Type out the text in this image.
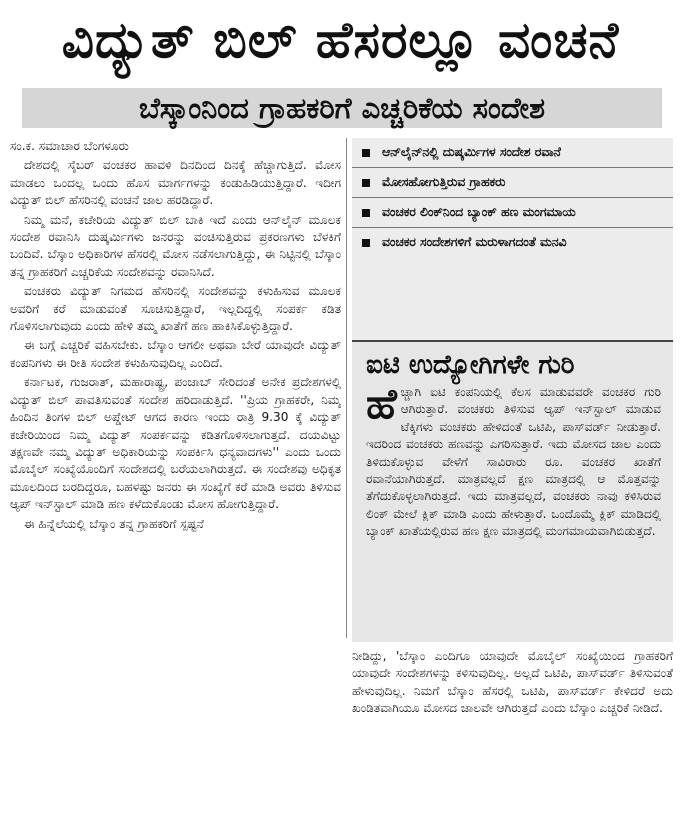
ವಿದ್ಯುತ್ ಬಿಲ್ ಹೆಸರಲ್ಲೂ ವಂಚನೆ
ಬೆಸ್ಕಾಂನಿಂದ ಗ್ರಾಹಕರಿಗೆ ಎಚ್ಚರಿಕೆಯ ಸಂದೇಶ

ಸಂ.ಕ. ಸಮಾಚಾರ ಬೆಂಗಳೂರು

ದೇಶದಲ್ಲಿ ಸೈಬರ್ ವಂಚಕರ ಹಾವಳಿ ದಿನದಿಂದ ದಿನಕ್ಕೆ ಹೆಚ್ಚಾಗುತ್ತಿದೆ. ಮೋಸ ಮಾಡಲು ಒಂದಲ್ಲ ಒಂದು ಹೊಸ ಮಾರ್ಗಗಳನ್ನು ಕಂಡುಹಿಡಿಯುತ್ತಿದ್ದಾರೆ. ಇದೀಗ ವಿದ್ಯುತ್ ಬಿಲ್ ಹೆಸರಿನಲ್ಲಿ ವಂಚನೆ ಜಾಲ ಹರಡಿದ್ದಾರೆ.

ನಿಮ್ಮ ಮನೆ, ಕಚೇರಿಯ ವಿದ್ಯುತ್ ಬಿಲ್ ಬಾಕಿ ಇದೆ ಎಂದು ಆನ್‌ಲೈನ್ ಮೂಲಕ ಸಂದೇಶ ರವಾನಿಸಿ ದುಷ್ಕರ್ಮಿಗಳು ಜನರನ್ನು ವಂಚಿಸುತ್ತಿರುವ ಪ್ರಕರಣಗಳು ಬೆಳಕಿಗೆ ಬಂದಿವೆ. ಬೆಸ್ಕಾಂ ಅಧಿಕಾರಿಗಳ ಹೆಸರಲ್ಲಿ ಮೋಸ ನಡೆಸಲಾಗುತ್ತಿದ್ದು, ಈ ನಿಟ್ಟಿನಲ್ಲಿ ಬೆಸ್ಕಾಂ ತನ್ನ ಗ್ರಾಹಕರಿಗೆ ಎಚ್ಚರಿಕೆಯ ಸಂದೇಶವನ್ನು ರವಾನಿಸಿದೆ.

ವಂಚಕರು ವಿದ್ಯುತ್ ನಿಗಮದ ಹೆಸರಿನಲ್ಲಿ ಸಂದೇಶವನ್ನು ಕಳುಹಿಸುವ ಮೂಲಕ ಅವರಿಗೆ ಕರೆ ಮಾಡುವಂತೆ ಸೂಚಿಸುತ್ತಿದ್ದಾರೆ, ಇಲ್ಲದಿದ್ದಲ್ಲಿ ಸಂಪರ್ಕ ಕಡಿತ ಗೊಳಿಸಲಾಗುವುದು ಎಂದು ಹೇಳಿ ತಮ್ಮ ಖಾತೆಗೆ ಹಣ ಹಾಕಿಸಿಕೊಳ್ಳುತ್ತಿದ್ದಾರೆ.

ಈ ಬಗ್ಗೆ ಎಚ್ಚರಿಕೆ ವಹಿಸಬೇಕು. ಬೆಸ್ಕಾಂ ಆಗಲೀ ಅಥವಾ ಬೇರೆ ಯಾವುದೇ ವಿದ್ಯುತ್ ಕಂಪನಿಗಳು ಈ ರೀತಿ ಸಂದೇಶ ಕಳುಹಿಸುವುದಿಲ್ಲ ಎಂದಿದೆ.

ಕರ್ನಾಟಕ, ಗುಜರಾತ್, ಮಹಾರಾಷ್ಟ್ರ, ಪಂಜಾಬ್ ಸೇರಿದಂತೆ ಅನೇಕ ಪ್ರದೇಶಗಳಲ್ಲಿ ವಿದ್ಯುತ್ ಬಿಲ್ ಪಾವತಿಸುವಂತೆ ಸಂದೇಶ ಹರಿದಾಡುತ್ತಿದೆ. ''ಪ್ರಿಯ ಗ್ರಾಹಕರೇ, ನಿಮ್ಮ ಹಿಂದಿನ ತಿಂಗಳ ಬಿಲ್ ಅಪ್ಡೇಟ್ ಆಗದ ಕಾರಣ ಇಂದು ರಾತ್ರಿ 9.30 ಕ್ಕೆ ವಿದ್ಯುತ್ ಕಚೇರಿಯಿಂದ ನಿಮ್ಮ ವಿದ್ಯುತ್ ಸಂಪರ್ಕವನ್ನು ಕಡಿತಗೊಳಿಸಲಾಗುತ್ತದೆ. ದಯವಿಟ್ಟು ತಕ್ಷಣವೇ ನಮ್ಮ ವಿದ್ಯುತ್ ಅಧಿಕಾರಿಯನ್ನು ಸಂಪರ್ಕಿಸಿ ಧನ್ಯವಾದಗಳು'' ಎಂದು ಒಂದು ಮೊಬೈಲ್ ಸಂಖ್ಯೆಯೊಂದಿಗೆ ಸಂದೇಶದಲ್ಲಿ ಬರೆಯಲಾಗಿರುತ್ತದೆ. ಈ ಸಂದೇಶವು ಅಧಿಕೃತ ಮೂಲದಿಂದ ಬರದಿದ್ದರೂ, ಬಹಳಷ್ಟು ಜನರು ಈ ಸಂಖ್ಯೆಗೆ ಕರೆ ಮಾಡಿ ಅವರು ತಿಳಿಸುವ ಆ್ಯಪ್ ಇನ್‌ಸ್ಟಾಲ್ ಮಾಡಿ ಹಣ ಕಳೆದುಕೊಂಡು ಮೋಸ ಹೋಗುತ್ತಿದ್ದಾರೆ.

ಈ ಹಿನ್ನೆಲೆಯಲ್ಲಿ ಬೆಸ್ಕಾಂ ತನ್ನ ಗ್ರಾಹಕರಿಗೆ ಸ್ಪಷ್ಟನೆ

ಆನ್‌ಲೈನ್‌ನಲ್ಲಿ ದುಷ್ಕರ್ಮಿಗಳ ಸಂದೇಶ ರವಾನೆ
ಮೋಸಹೋಗುತ್ತಿರುವ ಗ್ರಾಹಕರು
ವಂಚಕರ ಲಿಂಕ್‌ನಿಂದ ಬ್ಯಾಂಕ್ ಹಣ ಮಂಗಮಾಯ
ವಂಚಕರ ಸಂದೇಶಗಳಿಗೆ ಮರುಳಾಗದಂತೆ ಮನವಿ
ಐಟಿ ಉದ್ಯೋಗಿಗಳೇ ಗುರಿ
ಹೆ ಚ್ಚಾಗಿ ಐಟಿ ಕಂಪನಿಯಲ್ಲಿ ಕೆಲಸ ಮಾಡುವವರೇ ವಂಚಕರ ಗುರಿ ಆಗಿರುತ್ತಾರೆ. ವಂಚಕರು ತಿಳಿಸುವ ಆ್ಯಪ್ ಇನ್‌ಸ್ಟಾಲ್ ಮಾಡುವ ಟೆಕ್ಕಿಗಳು ವಂಚಕರು ಹೇಳಿದಂತೆ ಒಟಿಪಿ, ಪಾಸ್‌ವರ್ಡ್ ನೀಡುತ್ತಾರೆ. ಇದರಿಂದ ವಂಚಕರು ಹಣವನ್ನು ಎಗರಿಸುತ್ತಾರೆ. ಇದು ಮೋಸದ ಜಾಲ ಎಂದು ತಿಳಿದುಕೊಳ್ಳುವ ವೇಳೆಗೆ ಸಾವಿರಾರು ರೂ. ವಂಚಕರ ಖಾತೆಗೆ ರವಾನೆಯಾಗಿರುತ್ತದೆ. ಮಾತ್ರವಲ್ಲದೆ ಕ್ಷಣ ಮಾತ್ರದಲ್ಲಿ ಆ ಮೊತ್ತವನ್ನು ತೆಗೆದುಕೊಳ್ಳಲಾಗಿರುತ್ತದೆ. ಇದು ಮಾತ್ರವಲ್ಲದೆ, ವಂಚಕರು ನಾವು ಕಳಿಸಿರುವ ಲಿಂಕ್ ಮೇಲೆ ಕ್ಲಿಕ್ ಮಾಡಿ ಎಂದು ಹೇಳುತ್ತಾರೆ. ಒಂದೊಮ್ಮೆ ಕ್ಲಿಕ್ ಮಾಡಿದಲ್ಲಿ ಬ್ಯಾಂಕ್ ಖಾತೆಯಲ್ಲಿರುವ ಹಣ ಕ್ಷಣ ಮಾತ್ರದಲ್ಲಿ ಮಂಗಮಾಯವಾಗಿಬಿಡುತ್ತದೆ.

ನೀಡಿದ್ದು, 'ಬೆಸ್ಕಾಂ ಎಂದಿಗೂ ಯಾವುದೇ ಮೊಬೈಲ್ ಸಂಖ್ಯೆಯಿಂದ ಗ್ರಾಹಕರಿಗೆ ಯಾವುದೇ ಸಂದೇಶಗಳನ್ನು ಕಳಿಸುವುದಿಲ್ಲ. ಅಲ್ಲದೆ ಒಟಿಪಿ, ಪಾಸ್‌ವರ್ಡ್ ತಿಳಿಸುವಂತೆ ಹೇಳುವುದಿಲ್ಲ. ನಿಮಗೆ ಬೆಸ್ಕಾಂ ಹೆಸರಲ್ಲಿ ಒಟಿಪಿ, ಪಾಸ್‌ವರ್ಡ್ ಕೇಳಿದರೆ ಅದು ಖಂಡಿತವಾಗಿಯೂ ಮೋಸದ ಜಾಲವೇ ಆಗಿರುತ್ತದೆ ಎಂದು ಬೆಸ್ಕಾಂ ಎಚ್ಚರಿಕೆ ನೀಡಿದೆ.
